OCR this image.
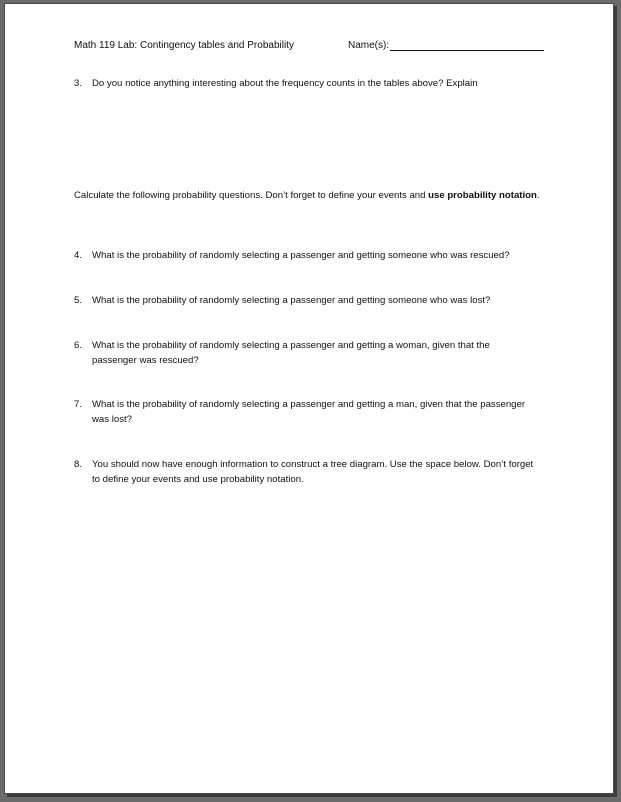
Math 119 Lab: Contingency tables and Probability	Name(s):
3.	Do you notice anything interesting about the frequency counts in the tables above? Explain
Calculate the following probability questions. Don’t forget to define your events and use probability notation.
4.	What is the probability of randomly selecting a passenger and getting someone who was rescued?
5.	What is the probability of randomly selecting a passenger and getting someone who was lost?
6.	What is the probability of randomly selecting a passenger and getting a woman, given that the passenger was rescued?
7.	What is the probability of randomly selecting a passenger and getting a man, given that the passenger was lost?
8.	You should now have enough information to construct a tree diagram. Use the space below. Don’t forget to define your events and use probability notation.
